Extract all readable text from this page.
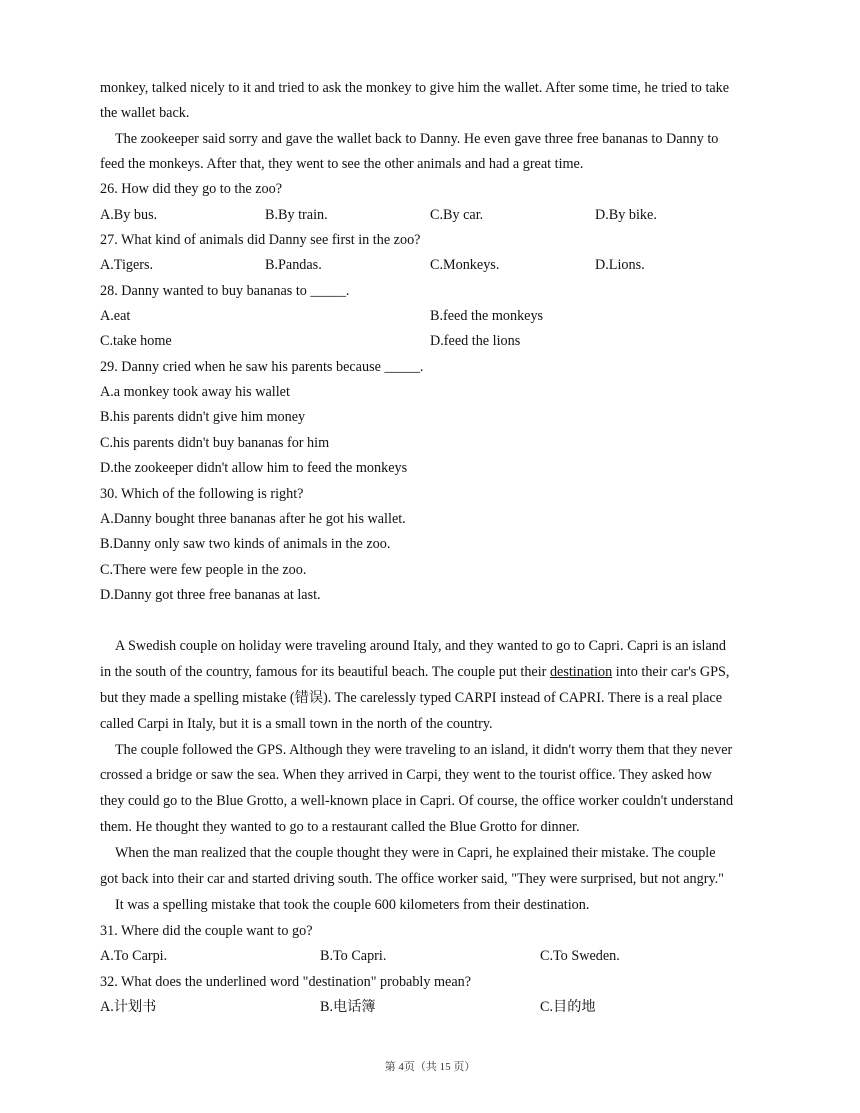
monkey, talked nicely to it and tried to ask the monkey to give him the wallet. After some time, he tried to take
the wallet back.
The zookeeper said sorry and gave the wallet back to Danny. He even gave three free bananas to Danny to
feed the monkeys. After that, they went to see the other animals and had a great time.
26. How did they go to the zoo?
A.By bus.	B.By train.	C.By car.	D.By bike.
27. What kind of animals did Danny see first in the zoo?
A.Tigers.	B.Pandas.	C.Monkeys.	D.Lions.
28. Danny wanted to buy bananas to _____.
A.eat	B.feed the monkeys
C.take home	D.feed the lions
29. Danny cried when he saw his parents because _____.
A.a monkey took away his wallet
B.his parents didn't give him money
C.his parents didn't buy bananas for him
D.the zookeeper didn't allow him to feed the monkeys
30. Which of the following is right?
A.Danny bought three bananas after he got his wallet.
B.Danny only saw two kinds of animals in the zoo.
C.There were few people in the zoo.
D.Danny got three free bananas at last.
A Swedish couple on holiday were traveling around Italy, and they wanted to go to Capri. Capri is an island
in the south of the country, famous for its beautiful beach. The couple put their destination into their car's GPS,
but they made a spelling mistake (错误). The carelessly typed CARPI instead of CAPRI. There is a real place
called Carpi in Italy, but it is a small town in the north of the country.
The couple followed the GPS. Although they were traveling to an island, it didn't worry them that they never
crossed a bridge or saw the sea. When they arrived in Carpi, they went to the tourist office. They asked how
they could go to the Blue Grotto, a well-known place in Capri. Of course, the office worker couldn't understand
them. He thought they wanted to go to a restaurant called the Blue Grotto for dinner.
When the man realized that the couple thought they were in Capri, he explained their mistake. The couple
got back into their car and started driving south. The office worker said, "They were surprised, but not angry."
It was a spelling mistake that took the couple 600 kilometers from their destination.
31. Where did the couple want to go?
A.To Carpi.	B.To Capri.	C.To Sweden.
32. What does the underlined word "destination" probably mean?
A.计划书	B.电话簿	C.目的地
第 4页（共 15 页）
